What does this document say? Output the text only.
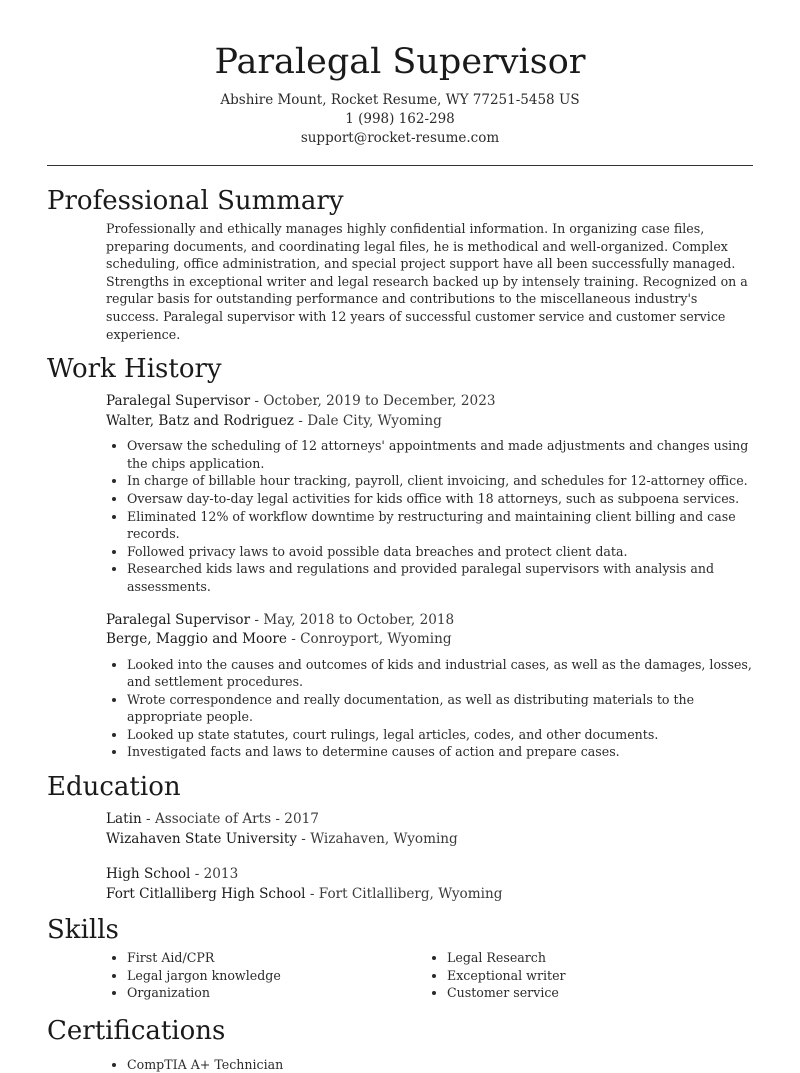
Paralegal Supervisor
Abshire Mount, Rocket Resume, WY 77251-5458 US
1 (998) 162-298
support@rocket-resume.com
Professional Summary

Professionally and ethically manages highly confidential information. In organizing case files, preparing documents, and coordinating legal files, he is methodical and well-organized. Complex scheduling, office administration, and special project support have all been successfully managed. Strengths in exceptional writer and legal research backed up by intensely training. Recognized on a regular basis for outstanding performance and contributions to the miscellaneous industry's success. Paralegal supervisor with 12 years of successful customer service and customer service experience.

Work History
Paralegal Supervisor - October, 2019 to December, 2023
Walter, Batz and Rodriguez - Dale City, Wyoming
• Oversaw the scheduling of 12 attorneys' appointments and made adjustments and changes using the chips application.
• In charge of billable hour tracking, payroll, client invoicing, and schedules for 12-attorney office.
• Oversaw day-to-day legal activities for kids office with 18 attorneys, such as subpoena services.
• Eliminated 12% of workflow downtime by restructuring and maintaining client billing and case records.
• Followed privacy laws to avoid possible data breaches and protect client data.
• Researched kids laws and regulations and provided paralegal supervisors with analysis and assessments.
Paralegal Supervisor - May, 2018 to October, 2018
Berge, Maggio and Moore - Conroyport, Wyoming
• Looked into the causes and outcomes of kids and industrial cases, as well as the damages, losses, and settlement procedures.
• Wrote correspondence and really documentation, as well as distributing materials to the appropriate people.
• Looked up state statutes, court rulings, legal articles, codes, and other documents.
• Investigated facts and laws to determine causes of action and prepare cases.
Education
Latin - Associate of Arts - 2017
Wizahaven State University - Wizahaven, Wyoming
High School - 2013
Fort Citlalliberg High School - Fort Citlalliberg, Wyoming
Skills
• First Aid/CPR
• Legal jargon knowledge
• Organization
• Legal Research
• Exceptional writer
• Customer service
Certifications
• CompTIA A+ Technician
